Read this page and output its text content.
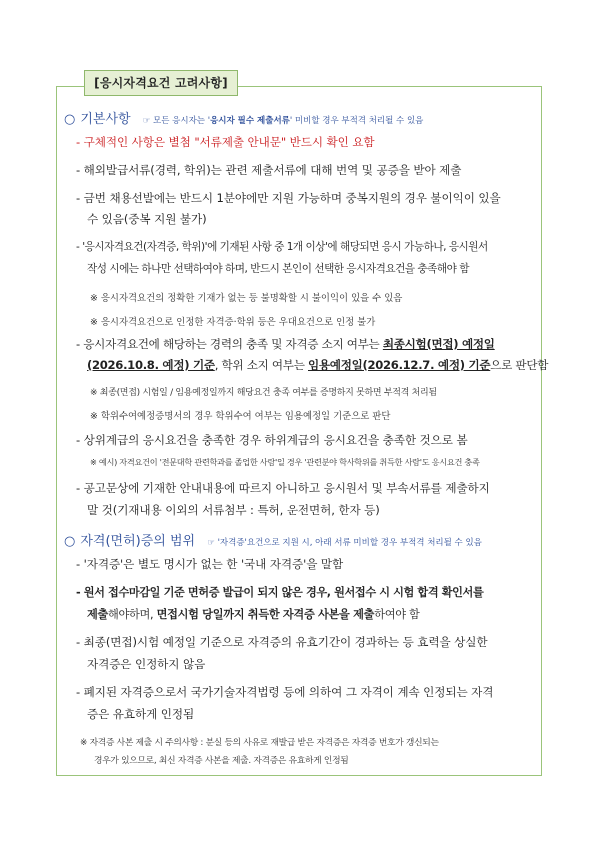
[응시자격요건 고려사항]
○ 기본사항 ☞ 모든 응시자는 '응시자 필수 제출서류' 미비할 경우 부적격 처리될 수 있음
- 구체적인 사항은 별첨 "서류제출 안내문" 반드시 확인 요함
- 해외발급서류(경력, 학위)는 관련 제출서류에 대해 번역 및 공증을 받아 제출
- 금번 채용선발에는 반드시 1분야에만 지원 가능하며 중복지원의 경우 불이익이 있을
수 있음(중복 지원 불가)
- '응시자격요건(자격증, 학위)'에 기재된 사항 중 1개 이상'에 해당되면 응시 가능하나, 응시원서
작성 시에는 하나만 선택하여야 하며, 반드시 본인이 선택한 응시자격요건을 충족해야 함
※ 응시자격요건의 정확한 기재가 없는 등 불명확할 시 불이익이 있을 수 있음
※ 응시자격요건으로 인정한 자격증·학위 등은 우대요건으로 인정 불가
- 응시자격요건에 해당하는 경력의 충족 및 자격증 소지 여부는 최종시험(면접) 예정일
(2026.10.8. 예정) 기준, 학위 소지 여부는 임용예정일(2026.12.7. 예정) 기준으로 판단함
※ 최종(면접) 시험일 / 임용예정일까지 해당요건 충족 여부를 증명하지 못하면 부적격 처리됨
※ 학위수여예정증명서의 경우 학위수여 여부는 임용예정일 기준으로 판단
- 상위계급의 응시요건을 충족한 경우 하위계급의 응시요건을 충족한 것으로 봄
※ 예시) 자격요건이 '전문대학 관련학과를 졸업한 사람'일 경우 '관련분야 학사학위를 취득한 사람'도 응시요건 충족
- 공고문상에 기재한 안내내용에 따르지 아니하고 응시원서 및 부속서류를 제출하지
말 것(기재내용 이외의 서류첨부 : 특허, 운전면허, 한자 등)
○ 자격(면허)증의 범위 ☞ '자격증'요건으로 지원 시, 아래 서류 미비할 경우 부적격 처리될 수 있음
- '자격증'은 별도 명시가 없는 한 '국내 자격증'을 말함
- 원서 접수마감일 기준 면허증 발급이 되지 않은 경우, 원서접수 시 시험 합격 확인서를
제출해야하며, 면접시험 당일까지 취득한 자격증 사본을 제출하여야 함
- 최종(면접)시험 예정일 기준으로 자격증의 유효기간이 경과하는 등 효력을 상실한
자격증은 인정하지 않음
- 폐지된 자격증으로서 국가기술자격법령 등에 의하여 그 자격이 계속 인정되는 자격
증은 유효하게 인정됨
※ 자격증 사본 제출 시 주의사항 : 분실 등의 사유로 재발급 받은 자격증은 자격증 번호가 갱신되는
경우가 있으므로, 최신 자격증 사본을 제출. 자격증은 유효하게 인정됨
